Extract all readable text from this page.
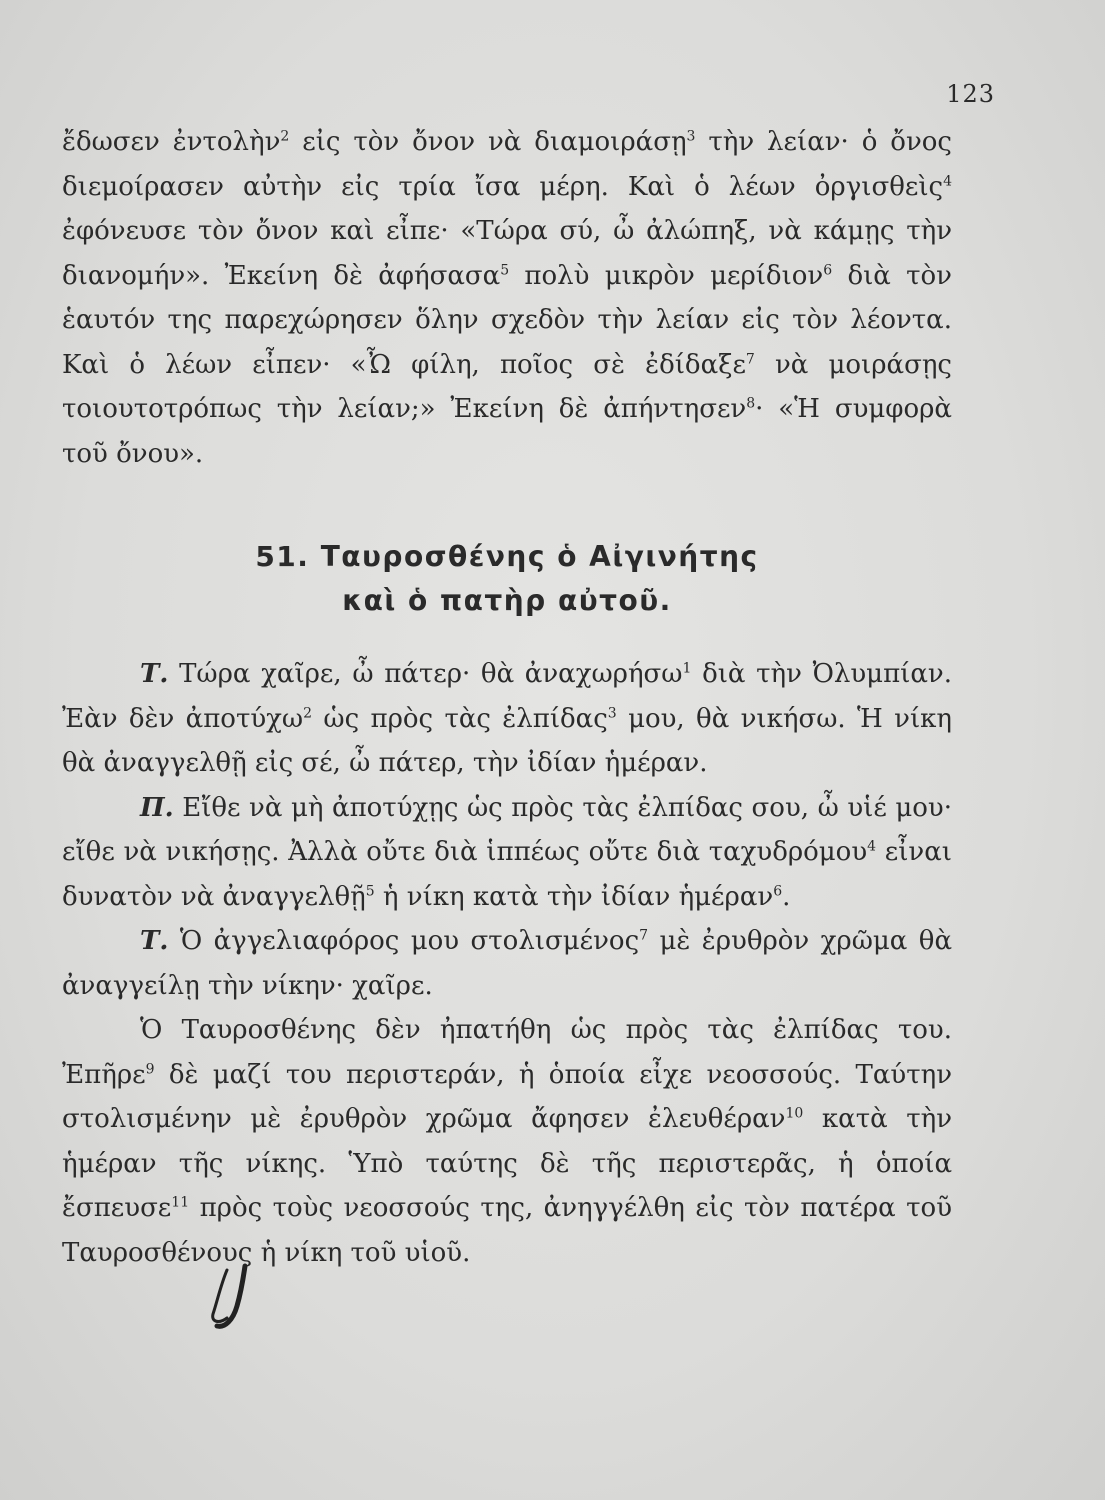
123

ἔδωσεν ἐντολὴν$^2$ εἰς τὸν ὄνον νὰ διαμοιράσῃ$^3$ τὴν λείαν· ὁ ὄνος διεμοίρασεν αὐτὴν εἰς τρία ἴσα μέρη. Καὶ ὁ λέων ὀργισθεὶς$^4$ ἐφόνευσε τὸν ὄνον καὶ εἶπε· «Τώρα σύ, ὦ ἀλώπηξ, νὰ κάμῃς τὴν διανομήν». Ἐκείνη δὲ ἀφήσασα$^5$ πολὺ μικρὸν μερίδιον$^6$ διὰ τὸν ἑαυτόν της παρεχώρησεν ὅλην σχεδὸν τὴν λείαν εἰς τὸν λέοντα. Καὶ ὁ λέων εἶπεν· «Ὦ φίλη, ποῖος σὲ ἐδίδαξε$^7$ νὰ μοιράσῃς τοιουτοτρόπως τὴν λείαν;» Ἐκείνη δὲ ἀπήντησεν$^8$· «Ἡ συμφορὰ τοῦ ὄνου».

51. Ταυροσθένης ὁ Αἰγινήτης
καὶ ὁ πατὴρ αὐτοῦ.

Τ. Τώρα χαῖρε, ὦ πάτερ· θὰ ἀναχωρήσω$^1$ διὰ τὴν Ὀλυμπίαν. Ἐὰν δὲν ἀποτύχω$^2$ ὡς πρὸς τὰς ἐλπίδας$^3$ μου, θὰ νικήσω. Ἡ νίκη θὰ ἀναγγελθῇ εἰς σέ, ὦ πάτερ, τὴν ἰδίαν ἡμέραν.

Π. Εἴθε νὰ μὴ ἀποτύχῃς ὡς πρὸς τὰς ἐλπίδας σου, ὦ υἱέ μου· εἴθε νὰ νικήσῃς. Ἀλλὰ οὔτε διὰ ἱππέως οὔτε διὰ ταχυδρόμου$^4$ εἶναι δυνατὸν νὰ ἀναγγελθῇ$^5$ ἡ νίκη κατὰ τὴν ἰδίαν ἡμέραν$^6$.

Τ. Ὁ ἀγγελιαφόρος μου στολισμένος$^7$ μὲ ἐρυθρὸν χρῶμα θὰ ἀναγγείλῃ τὴν νίκην· χαῖρε.

Ὁ Ταυροσθένης δὲν ἠπατήθη ὡς πρὸς τὰς ἐλπίδας του. Ἐπῆρε$^9$ δὲ μαζί του περιστεράν, ἡ ὁποία εἶχε νεοσσούς. Ταύτην στολισμένην μὲ ἐρυθρὸν χρῶμα ἄφησεν ἐλευθέραν$^{10}$ κατὰ τὴν ἡμέραν τῆς νίκης. Ὑπὸ ταύτης δὲ τῆς περιστερᾶς, ἡ ὁποία ἔσπευσε$^{11}$ πρὸς τοὺς νεοσσούς της, ἀνηγγέλθη εἰς τὸν πατέρα τοῦ Ταυροσθένους ἡ νίκη τοῦ υἱοῦ.
